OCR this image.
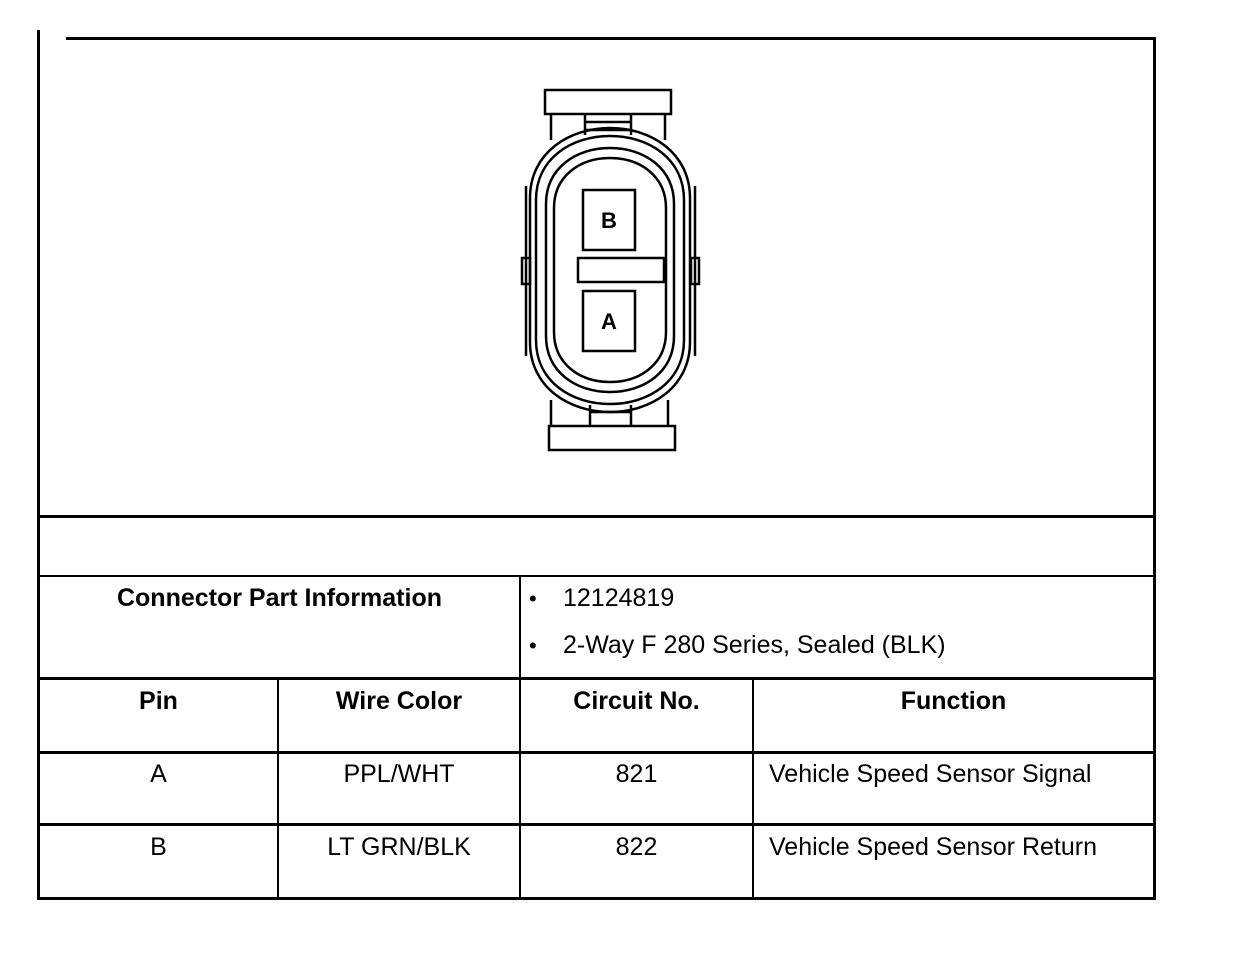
B
A
Connector Part Information	• 12124819
• 2-Way F 280 Series, Sealed (BLK)
Pin	Wire Color	Circuit No.	Function
A	PPL/WHT	821	Vehicle Speed Sensor Signal
B	LT GRN/BLK	822	Vehicle Speed Sensor Return
